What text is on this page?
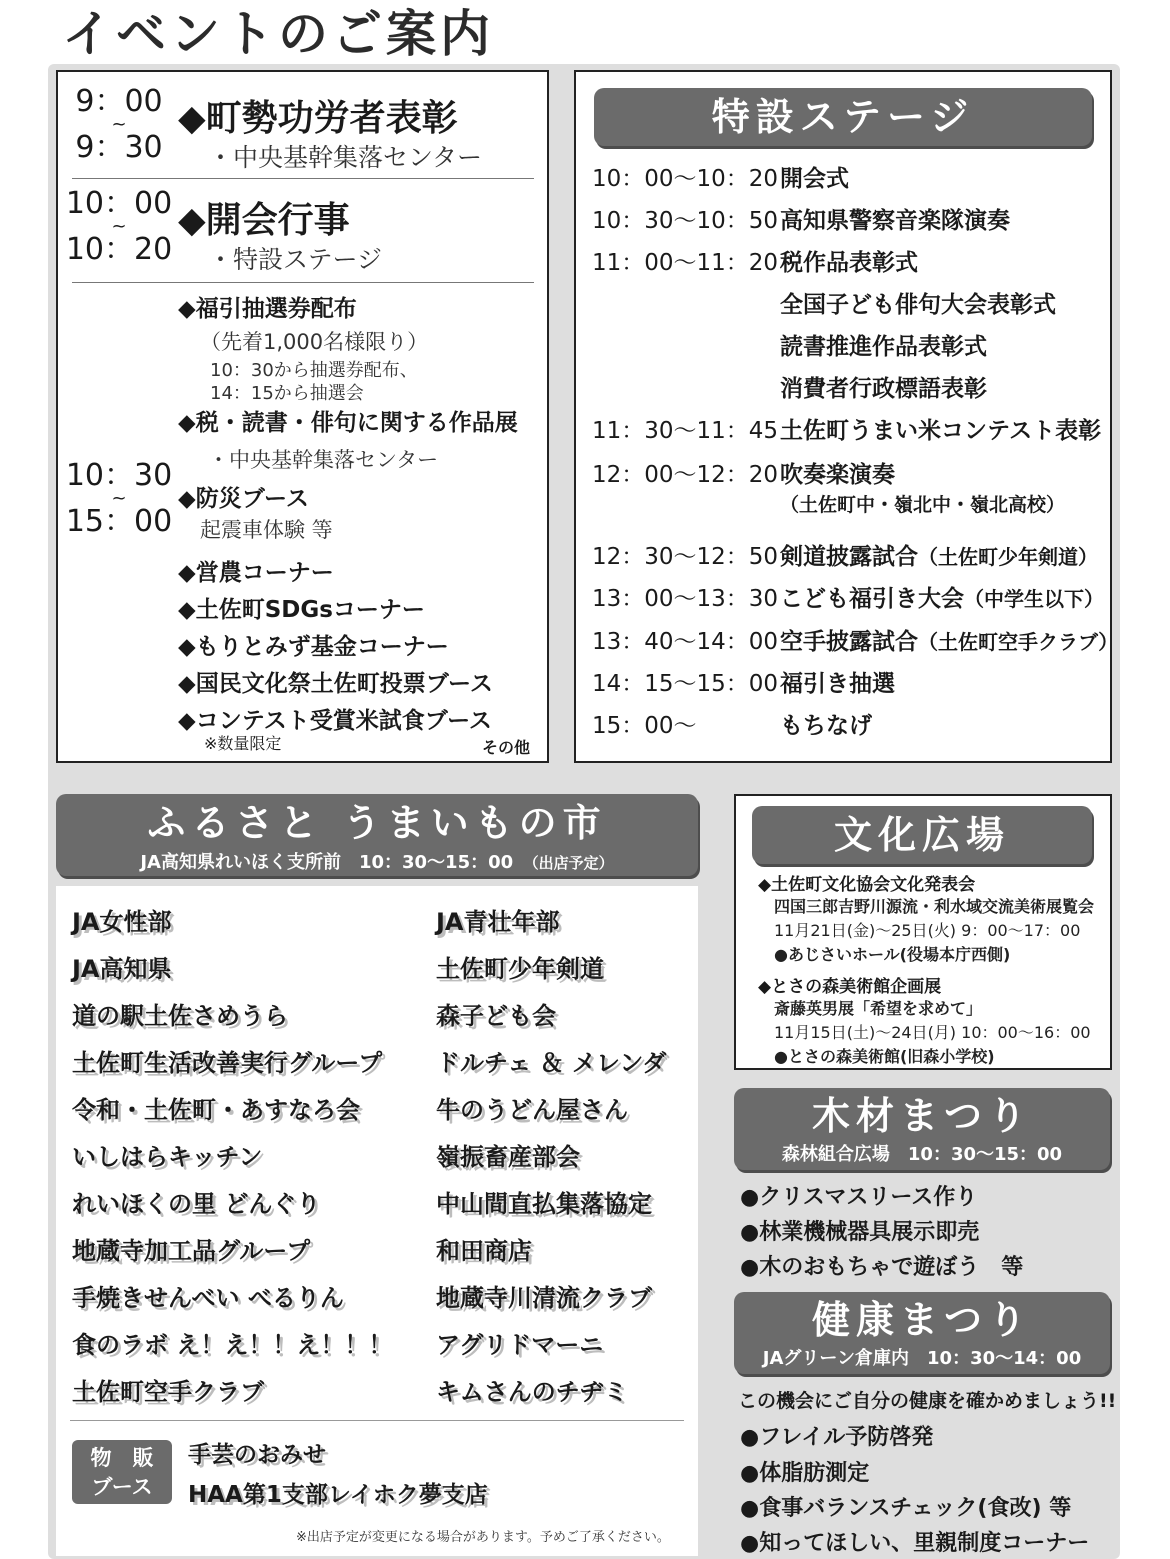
イベントのご案内
9：00
~
9：30
◆町勢功労者表彰
・中央基幹集落センター
10：00
~
10：20
◆開会行事
・特設ステージ
10：30
~
15：00
◆福引抽選券配布
（先着1,000名様限り）
10：30から抽選券配布、
14：15から抽選会
◆税・読書・俳句に関する作品展
・中央基幹集落センター
◆防災ブース
起震車体験 等
◆営農コーナー
◆土佐町SDGsコーナー
◆もりとみず基金コーナー
◆国民文化祭土佐町投票ブース
◆コンテスト受賞米試食ブース
※数量限定	その他
特設ステージ
10：00〜10：20 開会式
10：30〜10：50 高知県警察音楽隊演奏
11：00〜11：20 税作品表彰式
全国子ども俳句大会表彰式
読書推進作品表彰式
消費者行政標語表彰
11：30〜11：45 土佐町うまい米コンテスト表彰
12：00〜12：20 吹奏楽演奏
（土佐町中・嶺北中・嶺北高校）
12：30〜12：50 剣道披露試合（土佐町少年剣道）
13：00〜13：30 こども福引き大会（中学生以下）
13：40〜14：00 空手披露試合（土佐町空手クラブ）
14：15〜15：00 福引き抽選
15：00〜	もちなげ
ふるさと うまいもの市
JA高知県れいほく支所前　10：30〜15：00　 （出店予定）
JA女性部
JA高知県
道の駅土佐さめうら
土佐町生活改善実行グループ
令和・土佐町・あすなろ会
いしはらキッチン
れいほくの里 どんぐり
地蔵寺加工品グループ
手焼きせんべい べるりん
食のラボ え！え！！え！！！
土佐町空手クラブ
JA青壮年部
土佐町少年剣道
森子ども会
ドルチェ ＆ メレンダ
牛のうどん屋さん
嶺振畜産部会
中山間直払集落協定
和田商店
地蔵寺川清流クラブ
アグリドマーニ
キムさんのチヂミ
物　販
ブース
手芸のおみせ
HAA第1支部レイホク夢支店
※出店予定が変更になる場合があります。予めご了承ください。
文化広場
◆土佐町文化協会文化発表会
四国三郎吉野川源流・利水域交流美術展覧会
11月21日(金)〜25日(火) 9：00〜17：00
●あじさいホール(役場本庁西側)
◆とさの森美術館企画展
斎藤英男展「希望を求めて」
11月15日(土)〜24日(月) 10：00〜16：00
●とさの森美術館(旧森小学校)
木材まつり
森林組合広場　10：30〜15：00
●クリスマスリース作り
●林業機械器具展示即売
●木のおもちゃで遊ぼう　等
健康まつり
JAグリーン倉庫内　10：30〜14：00
この機会にご自分の健康を確かめましょう!!
●フレイル予防啓発
●体脂肪測定
●食事バランスチェック(食改) 等
●知ってほしい、里親制度コーナー
